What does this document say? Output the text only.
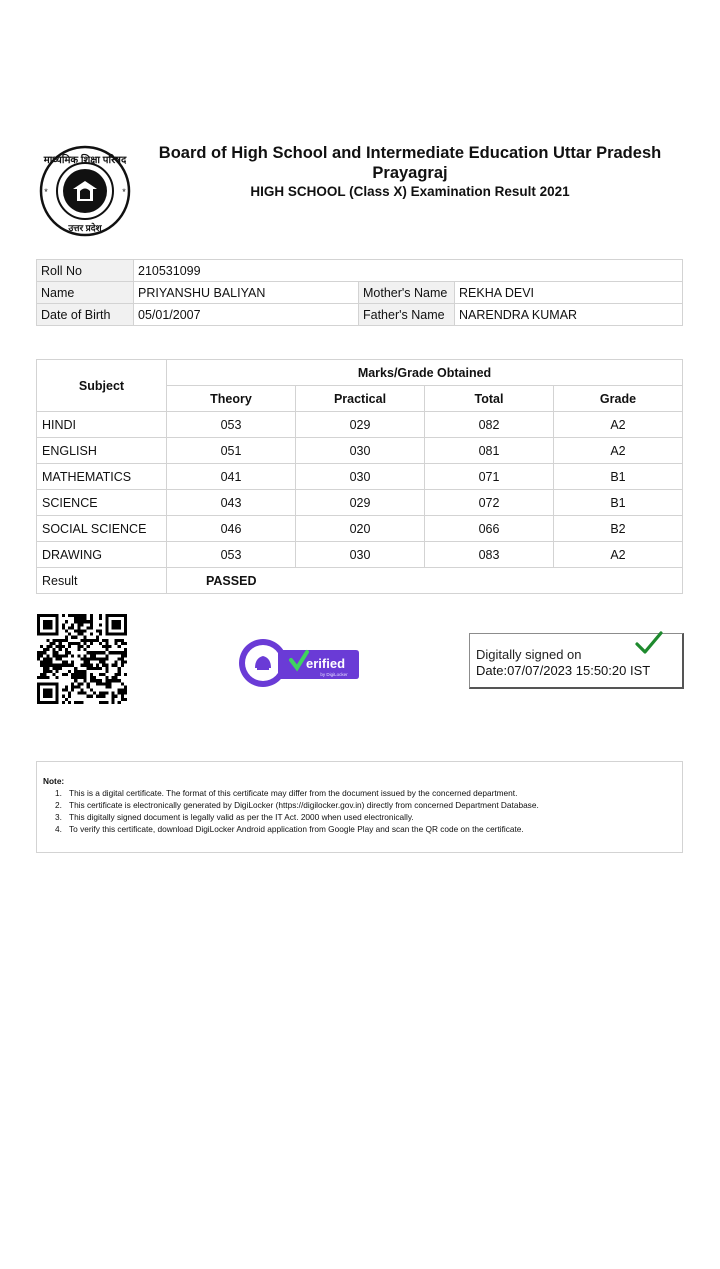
माध्यमिक शिक्षा परिषद
उत्तर प्रदेश
*	*
Board of High School and Intermediate Education Uttar Pradesh
Prayagraj
HIGH SCHOOL (Class X) Examination Result 2021
Roll No	210531099		
Name	PRIYANSHU BALIYAN	Mother's Name	REKHA DEVI
Date of Birth	05/01/2007	Father's Name	NARENDRA KUMAR
Subject	Marks/Grade Obtained			
	Theory	Practical	Total	Grade
HINDI	053	029	082	A2
ENGLISH	051	030	081	A2
MATHEMATICS	041	030	071	B1
SCIENCE	043	029	072	B1
SOCIAL SCIENCE	046	020	066	B2
DRAWING	053	030	083	A2
Result	PASSED			
erified
by DigiLocker
Digitally signed on
Date:07/07/2023 15:50:20 IST
Note:
1. This is a digital certificate. The format of this certificate may differ from the document issued by the concerned department.
2. This certificate is electronically generated by DigiLocker (https://digilocker.gov.in) directly from concerned Department Database.
3. This digitally signed document is legally valid as per the IT Act. 2000 when used electronically.
4. To verify this certificate, download DigiLocker Android application from Google Play and scan the QR code on the certificate.
